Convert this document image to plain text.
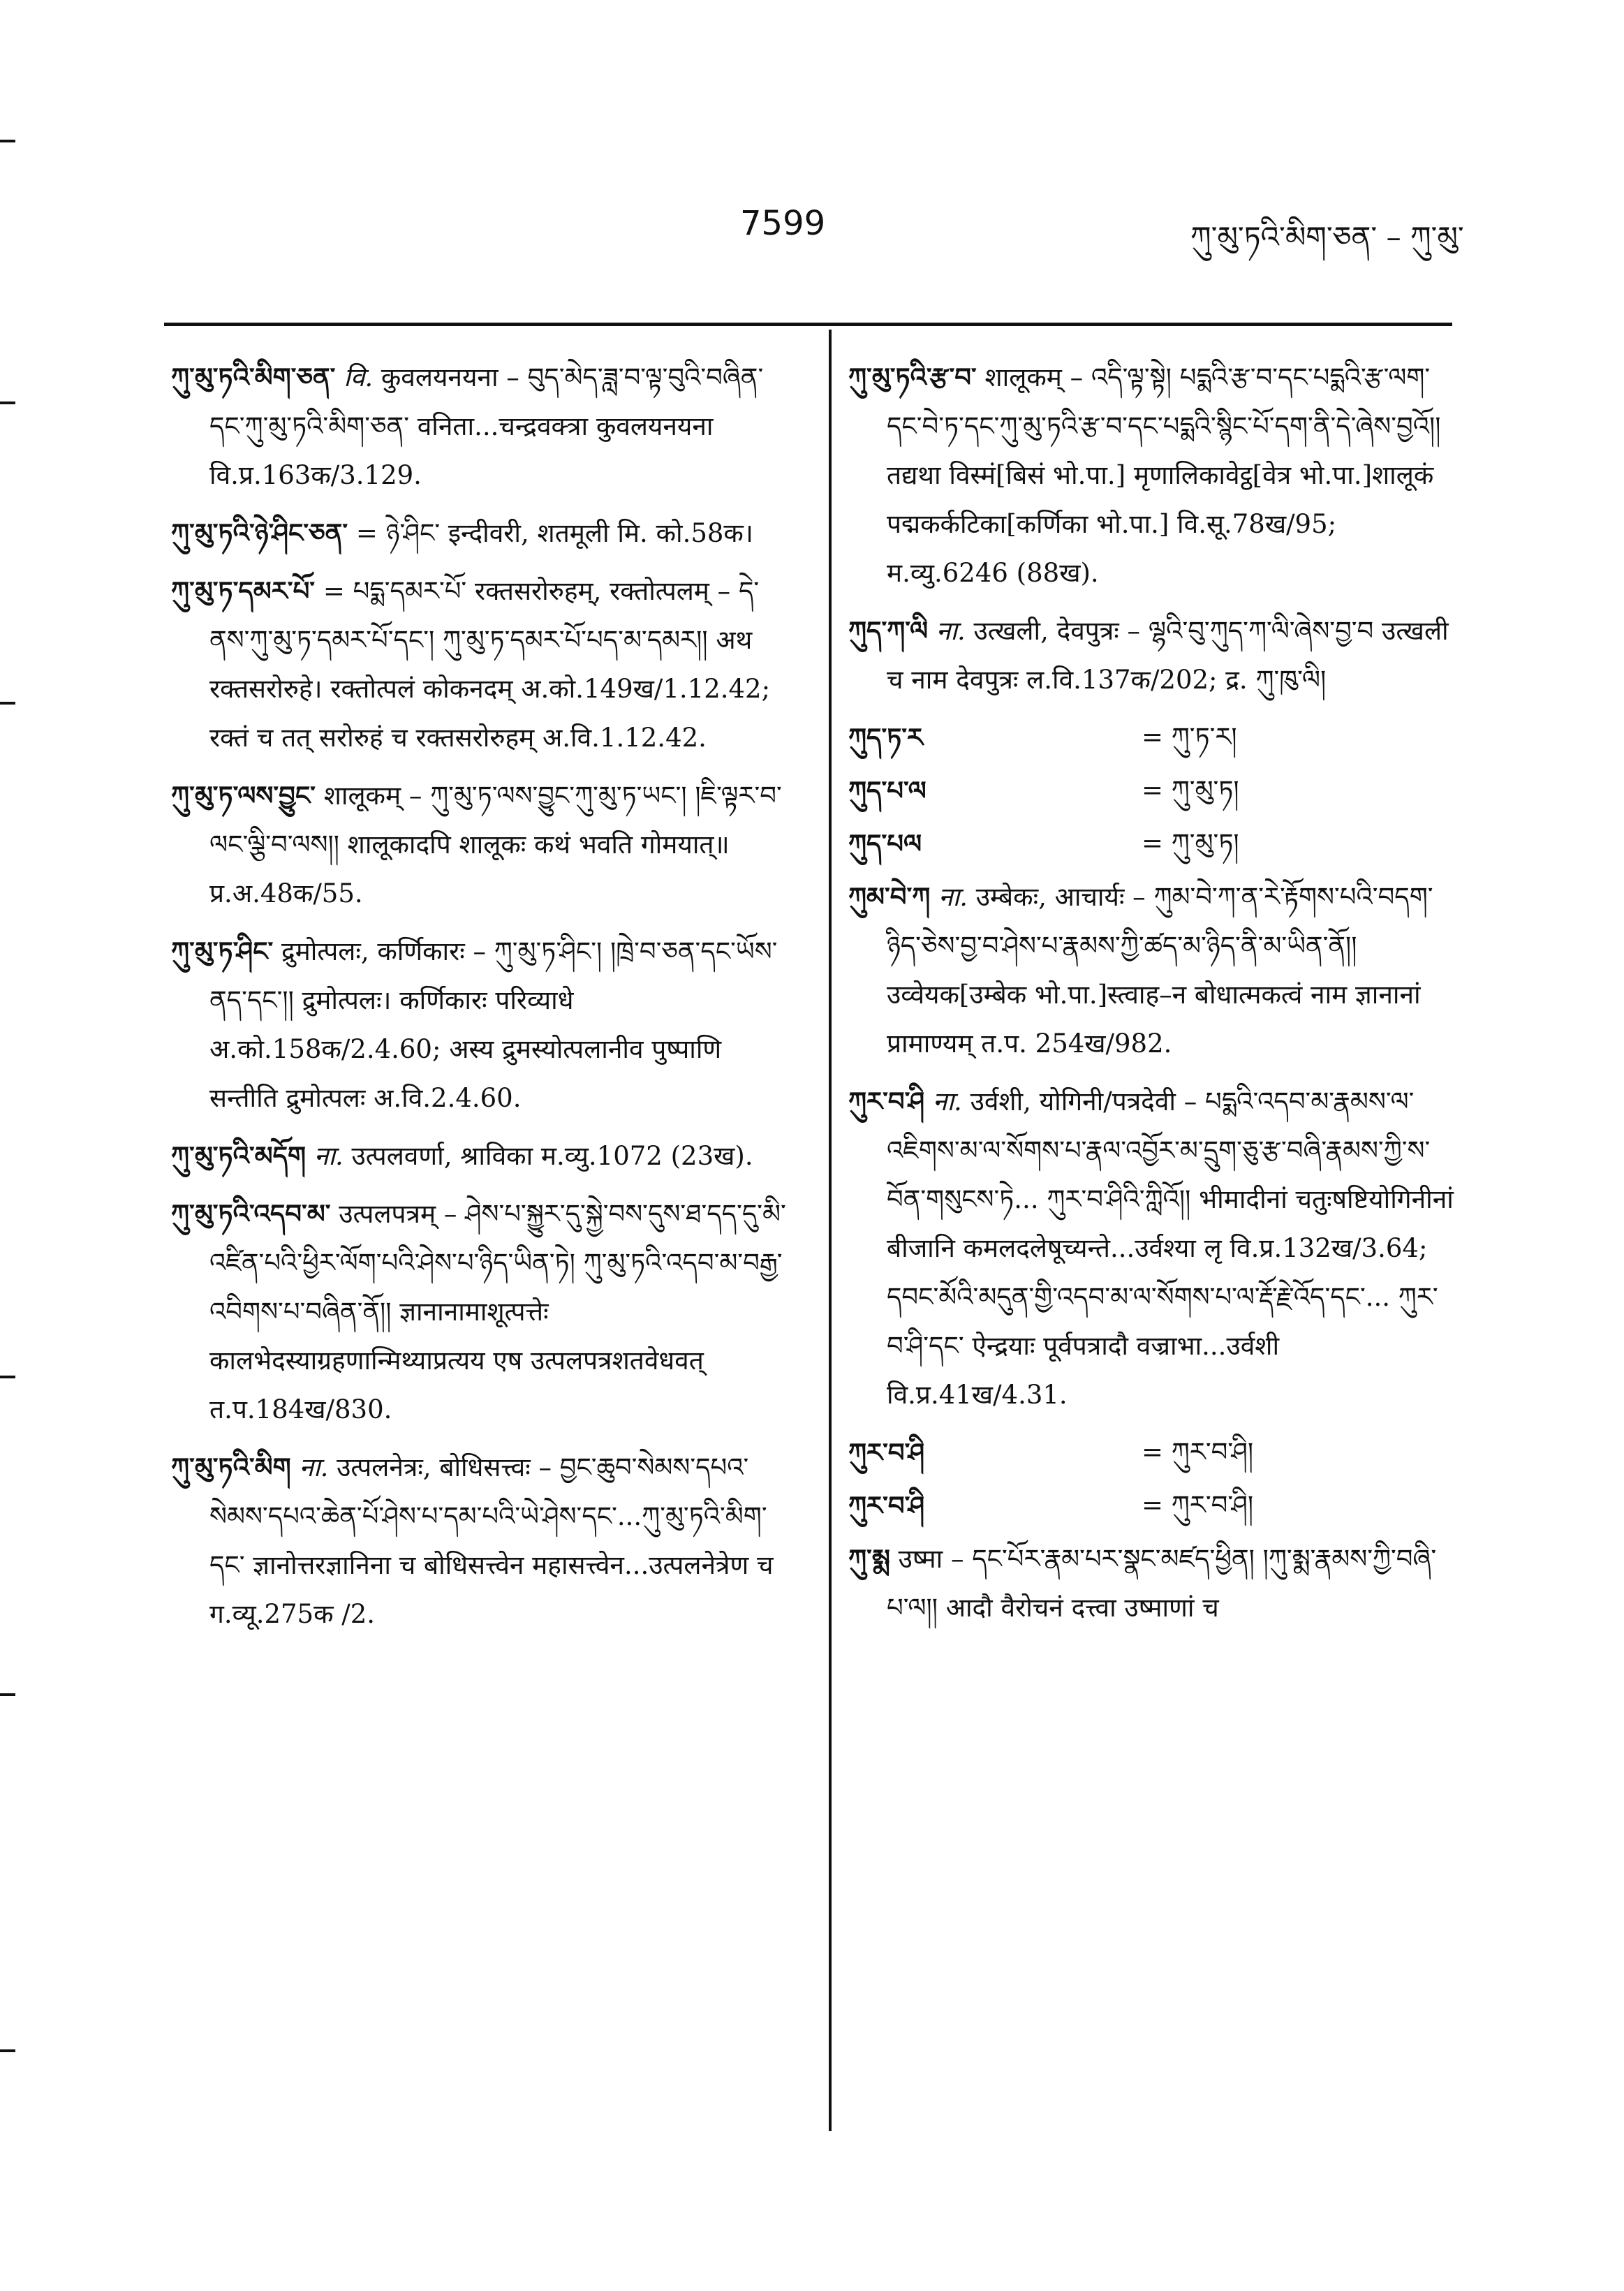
7599	ཀུ་མུ་ཏའི་མིག་ཅན་ – ཀུ་མུ་

ཀུ་མུ་ཏའི་མིག་ཅན་ वि. कुवलयनयना – བུད་མེད་ཟླ་བ་ལྟ་བུའི་བཞིན་དང་ཀུ་མུ་ཏའི་མིག་ཅན་ वनिता...चन्द्रवक्त्रा कुवलयनयना वि.प्र.163क/3.129.

ཀུ་མུ་ཏའི་ཉེ་ཤིང་ཅན་ = ཉེ་ཤིང་ इन्दीवरी, शतमूली मि. को.58क।

ཀུ་མུ་ཏ་དམར་པོ་ = པདྨ་དམར་པོ་ रक्तसरोरुहम्, रक्तोत्पलम् – དེ་ནས་ཀུ་མུ་ཏ་དམར་པོ་དང་། ཀུ་མུ་ཏ་དམར་པོ་པད་མ་དམར།། अथ रक्तसरोरुहे। रक्तोत्पलं कोकनदम् अ.को.149ख/1.12.42; रक्तं च तत् सरोरुहं च रक्तसरोरुहम् अ.वि.1.12.42.

ཀུ་མུ་ཏ་ལས་བྱུང་ शालूकम् – ཀུ་མུ་ཏ་ལས་བྱུང་ཀུ་མུ་ཏ་ཡང་། །ཇི་ལྟར་བ་ལང་ལྕི་བ་ལས།། शालूकादपि शालूकः कथं भवति गोमयात्॥ प्र.अ.48क/55.

ཀུ་མུ་ཏ་ཤིང་ द्रुमोत्पलः, कर्णिकारः – ཀུ་མུ་ཏ་ཤིང་། །ཁྲེ་བ་ཅན་དང་ཡོས་ནད་དང་།། द्रुमोत्पलः। कर्णिकारः परिव्याधे अ.को.158क/2.4.60; अस्य द्रुमस्योत्पलानीव पुष्पाणि सन्तीति द्रुमोत्पलः अ.वि.2.4.60.

ཀུ་མུ་ཏའི་མདོག ना. उत्पलवर्णा, श्राविका म.व्यु.1072 (23ख).

ཀུ་མུ་ཏའི་འདབ་མ་ उत्पलपत्रम् – ཤེས་པ་སྐྱུར་དུ་སྐྱེ་བས་དུས་ཐ་དད་དུ་མི་འཛིན་པའི་ཕྱིར་ལོག་པའི་ཤེས་པ་ཉིད་ཡིན་ཏེ། ཀུ་མུ་ཏའི་འདབ་མ་བརྒྱ་འབིགས་པ་བཞིན་ནོ།། ज्ञानानामाशूत्पत्तेः कालभेदस्याग्रहणान्मिथ्याप्रत्यय एष उत्पलपत्रशतवेधवत् त.प.184ख/830.

ཀུ་མུ་ཏའི་མིག ना. उत्पलनेत्रः, बोधिसत्त्वः – བྱང་ཆུབ་སེམས་དཔའ་སེམས་དཔའ་ཆེན་པོ་ཤེས་པ་དམ་པའི་ཡེ་ཤེས་དང་...ཀུ་མུ་ཏའི་མིག་དང་ ज्ञानोत्तरज्ञानिना च बोधिसत्त्वेन महासत्त्वेन...उत्पलनेत्रेण च ग.व्यू.275क /2.

ཀུ་མུ་ཏའི་རྩ་བ་ शालूकम् – འདི་ལྟ་སྟེ། པདྨའི་རྩ་བ་དང་པདྨའི་རྩ་ལག་དང་བེ་ཏ་དང་ཀུ་མུ་ཏའི་རྩ་བ་དང་པདྨའི་སྙིང་པོ་དག་ནི་དེ་ཞེས་བྱའོ།། तद्यथा विस्मं[बिसं भो.पा.] मृणालिकावेट्ठ[वेत्र भो.पा.]शालूकं पद्मकर्कटिका[कर्णिका भो.पा.] वि.सू.78ख/95; म.व्यु.6246 (88ख).

ཀུད་ཀ་ལི ना. उत्खली, देवपुत्रः – ལྷའི་བུ་ཀུད་ཀ་ལི་ཞེས་བྱ་བ उत्खली च नाम देवपुत्रः ल.वि.137क/202; द्र. ཀུ་ཁུ་ལི།

ཀུད་ཏ་ར	= ཀུ་ཏ་ར།
ཀུད་པ་ལ	= ཀུ་མུ་ཏ།
ཀུད་པལ	= ཀུ་མུ་ཏ།

ཀུམ་བེ་ཀ ना. उम्बेकः, आचार्यः – ཀུམ་བེ་ཀ་ན་རེ་རྟོགས་པའི་བདག་ཉིད་ཅེས་བྱ་བ་ཤེས་པ་རྣམས་ཀྱི་ཚད་མ་ཉིད་ནི་མ་ཡིན་ནོ།། उव्वेयक[उम्बेक भो.पा.]स्त्वाह–न बोधात्मकत्वं नाम ज्ञानानां प्रामाण्यम् त.प. 254ख/982.

ཀུར་བ་ཤི ना. उर्वशी, योगिनी/पत्रदेवी – པདྨའི་འདབ་མ་རྣམས་ལ་འཇིགས་མ་ལ་སོགས་པ་རྣལ་འབྱོར་མ་དྲུག་ཅུ་རྩ་བཞི་རྣམས་ཀྱི་ས་བོན་གསུངས་ཏེ... ཀུར་བ་ཤིའི་ཀླིའོ།། भीमादीनां चतुःषष्टियोगिनीनां बीजानि कमलदलेषूच्यन्ते...उर्वश्या लृ वि.प्र.132ख/3.64; དབང་མོའི་མདུན་གྱི་འདབ་མ་ལ་སོགས་པ་ལ་རྡོ་རྗེ་འོད་དང་... ཀུར་བ་ཤི་དང་ ऐन्द्रयाः पूर्वपत्रादौ वज्राभा...उर्वशी वि.प्र.41ख/4.31.

ཀུར་བ་ཤི	= ཀུར་བ་ཤི།
ཀུར་བ་ཤི	= ཀུར་བ་ཤི།

ཀུ་མྨ उष्मा – དང་པོར་རྣམ་པར་སྣང་མཛད་ཕྱིན། །ཀུ་མྨ་རྣམས་ཀྱི་བཞི་པ་ལ།། आदौ वैरोचनं दत्त्वा उष्माणां च
